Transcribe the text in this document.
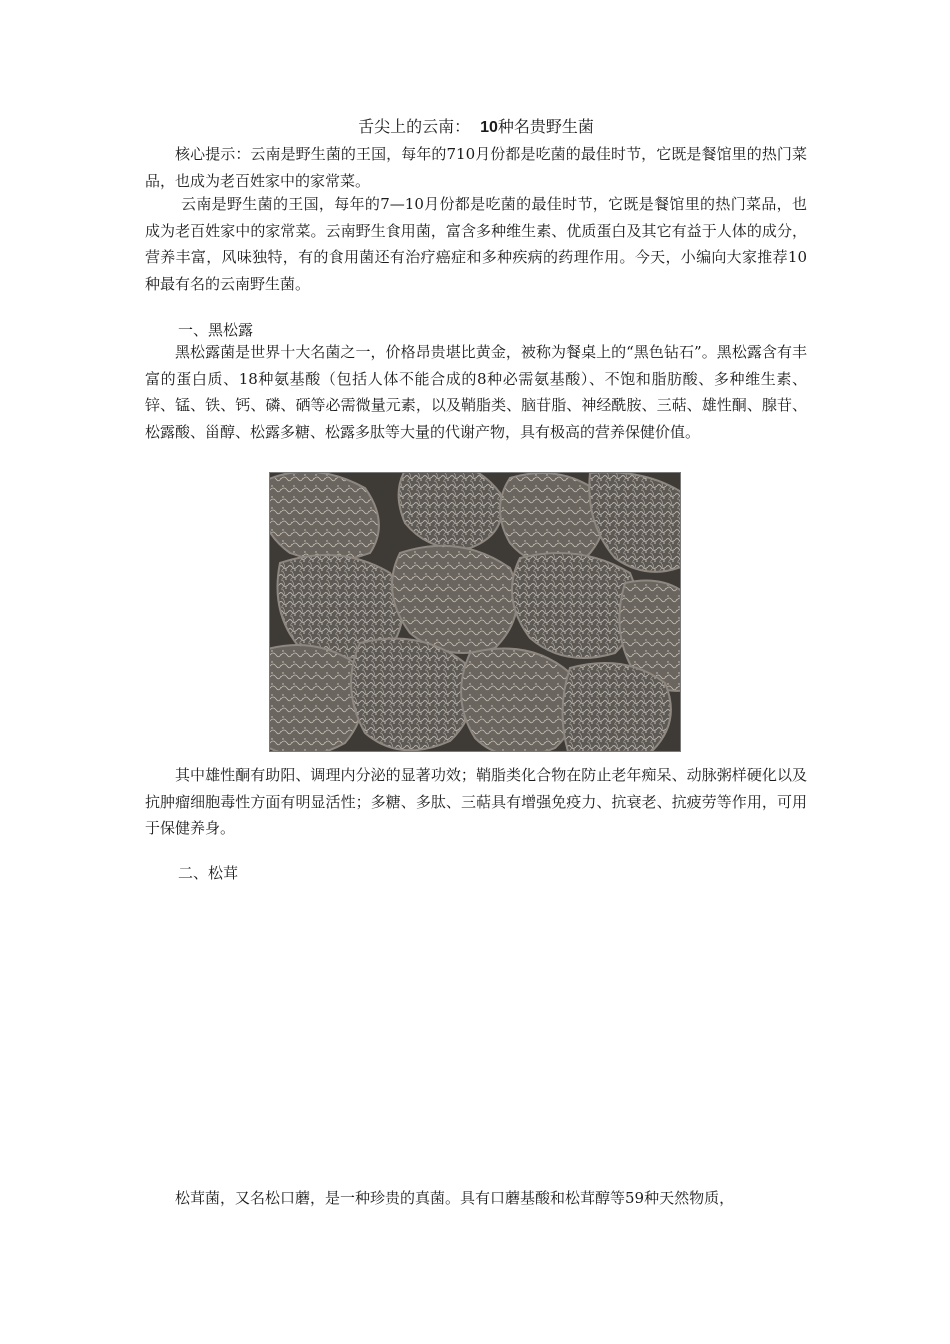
舌尖上的云南： 10种名贵野生菌

核心提示：云南是野生菌的王国，每年的710月份都是吃菌的最佳时节，它既是餐馆里的热门菜品，也成为老百姓家中的家常菜。

云南是野生菌的王国，每年的7—10月份都是吃菌的最佳时节，它既是餐馆里的热门菜品，也成为老百姓家中的家常菜。云南野生食用菌，富含多种维生素、优质蛋白及其它有益于人体的成分，营养丰富，风味独特，有的食用菌还有治疗癌症和多种疾病的药理作用。今天，小编向大家推荐10种最有名的云南野生菌。

一、黑松露

黑松露菌是世界十大名菌之一，价格昂贵堪比黄金，被称为餐桌上的“黑色钻石”。黑松露含有丰富的蛋白质、18种氨基酸（包括人体不能合成的8种必需氨基酸）、不饱和脂肪酸、多种维生素、锌、锰、铁、钙、磷、硒等必需微量元素，以及鞘脂类、脑苷脂、神经酰胺、三萜、雄性酮、腺苷、松露酸、甾醇、松露多糖、松露多肽等大量的代谢产物，具有极高的营养保健价值。

其中雄性酮有助阳、调理内分泌的显著功效；鞘脂类化合物在防止老年痴呆、动脉粥样硬化以及抗肿瘤细胞毒性方面有明显活性；多糖、多肽、三萜具有增强免疫力、抗衰老、抗疲劳等作用，可用于保健养身。

二、松茸

松茸菌，又名松口蘑，是一种珍贵的真菌。具有口蘑基酸和松茸醇等59种天然物质，
